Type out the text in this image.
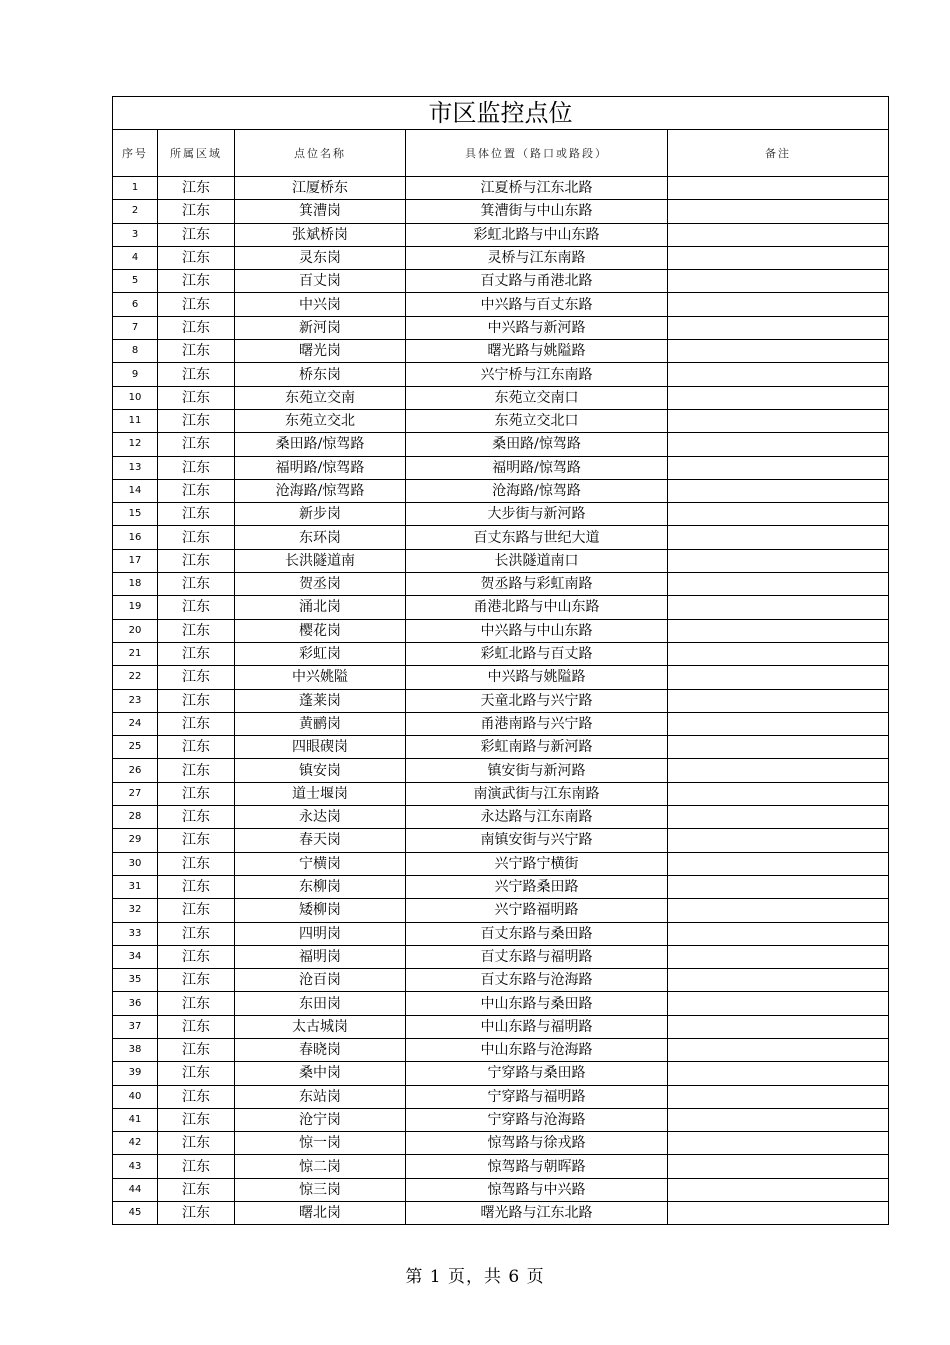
市区监控点位				
序号	所属区域	点位名称	具体位置（路口或路段）	备注
1	江东	江厦桥东	江夏桥与江东北路	
2	江东	箕漕岗	箕漕街与中山东路	
3	江东	张斌桥岗	彩虹北路与中山东路	
4	江东	灵东岗	灵桥与江东南路	
5	江东	百丈岗	百丈路与甬港北路	
6	江东	中兴岗	中兴路与百丈东路	
7	江东	新河岗	中兴路与新河路	
8	江东	曙光岗	曙光路与姚隘路	
9	江东	桥东岗	兴宁桥与江东南路	
10	江东	东苑立交南	东苑立交南口	
11	江东	东苑立交北	东苑立交北口	
12	江东	桑田路/惊驾路	桑田路/惊驾路	
13	江东	福明路/惊驾路	福明路/惊驾路	
14	江东	沧海路/惊驾路	沧海路/惊驾路	
15	江东	新步岗	大步街与新河路	
16	江东	东环岗	百丈东路与世纪大道	
17	江东	长洪隧道南	长洪隧道南口	
18	江东	贺丞岗	贺丞路与彩虹南路	
19	江东	涌北岗	甬港北路与中山东路	
20	江东	樱花岗	中兴路与中山东路	
21	江东	彩虹岗	彩虹北路与百丈路	
22	江东	中兴姚隘	中兴路与姚隘路	
23	江东	蓬莱岗	天童北路与兴宁路	
24	江东	黄鹂岗	甬港南路与兴宁路	
25	江东	四眼碶岗	彩虹南路与新河路	
26	江东	镇安岗	镇安街与新河路	
27	江东	道士堰岗	南演武街与江东南路	
28	江东	永达岗	永达路与江东南路	
29	江东	春天岗	南镇安街与兴宁路	
30	江东	宁横岗	兴宁路宁横街	
31	江东	东柳岗	兴宁路桑田路	
32	江东	矮柳岗	兴宁路福明路	
33	江东	四明岗	百丈东路与桑田路	
34	江东	福明岗	百丈东路与福明路	
35	江东	沧百岗	百丈东路与沧海路	
36	江东	东田岗	中山东路与桑田路	
37	江东	太古城岗	中山东路与福明路	
38	江东	春晓岗	中山东路与沧海路	
39	江东	桑中岗	宁穿路与桑田路	
40	江东	东站岗	宁穿路与福明路	
41	江东	沧宁岗	宁穿路与沧海路	
42	江东	惊一岗	惊驾路与徐戎路	
43	江东	惊二岗	惊驾路与朝晖路	
44	江东	惊三岗	惊驾路与中兴路	
45	江东	曙北岗	曙光路与江东北路	
第 1 页，共 6 页
